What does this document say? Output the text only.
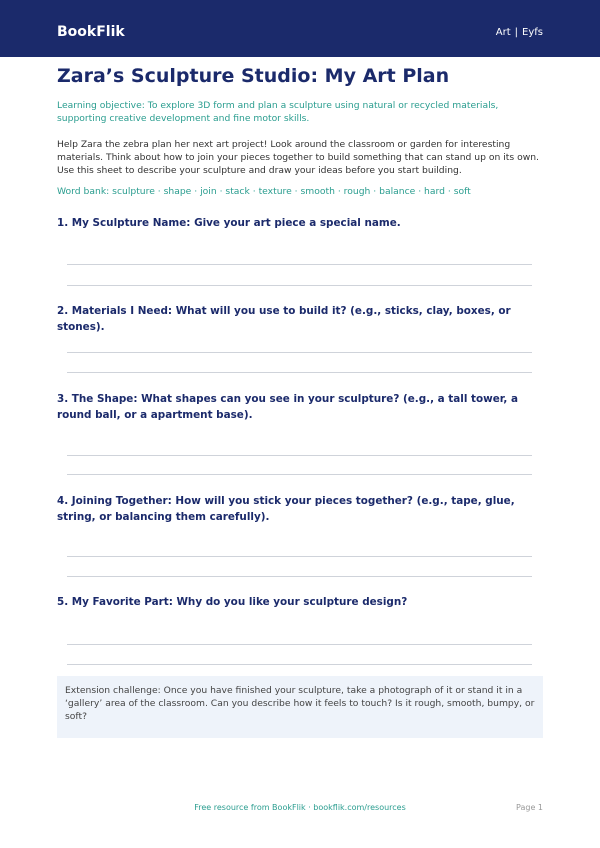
BookFlik	Art | Eyfs
Zara’s Sculpture Studio: My Art Plan
Learning objective: To explore 3D form and plan a sculpture using natural or recycled materials, supporting creative development and fine motor skills.
Help Zara the zebra plan her next art project! Look around the classroom or garden for interesting materials. Think about how to join your pieces together to build something that can stand up on its own. Use this sheet to describe your sculpture and draw your ideas before you start building.
Word bank: sculpture · shape · join · stack · texture · smooth · rough · balance · hard · soft
1. My Sculpture Name: Give your art piece a special name.
2. Materials I Need: What will you use to build it? (e.g., sticks, clay, boxes, or stones).
3. The Shape: What shapes can you see in your sculpture? (e.g., a tall tower, a round ball, or a apartment base).
4. Joining Together: How will you stick your pieces together? (e.g., tape, glue, string, or balancing them carefully).
5. My Favorite Part: Why do you like your sculpture design?
Extension challenge: Once you have finished your sculpture, take a photograph of it or stand it in a ‘gallery’ area of the classroom. Can you describe how it feels to touch? Is it rough, smooth, bumpy, or soft?
Free resource from BookFlik · bookflik.com/resources	Page 1
